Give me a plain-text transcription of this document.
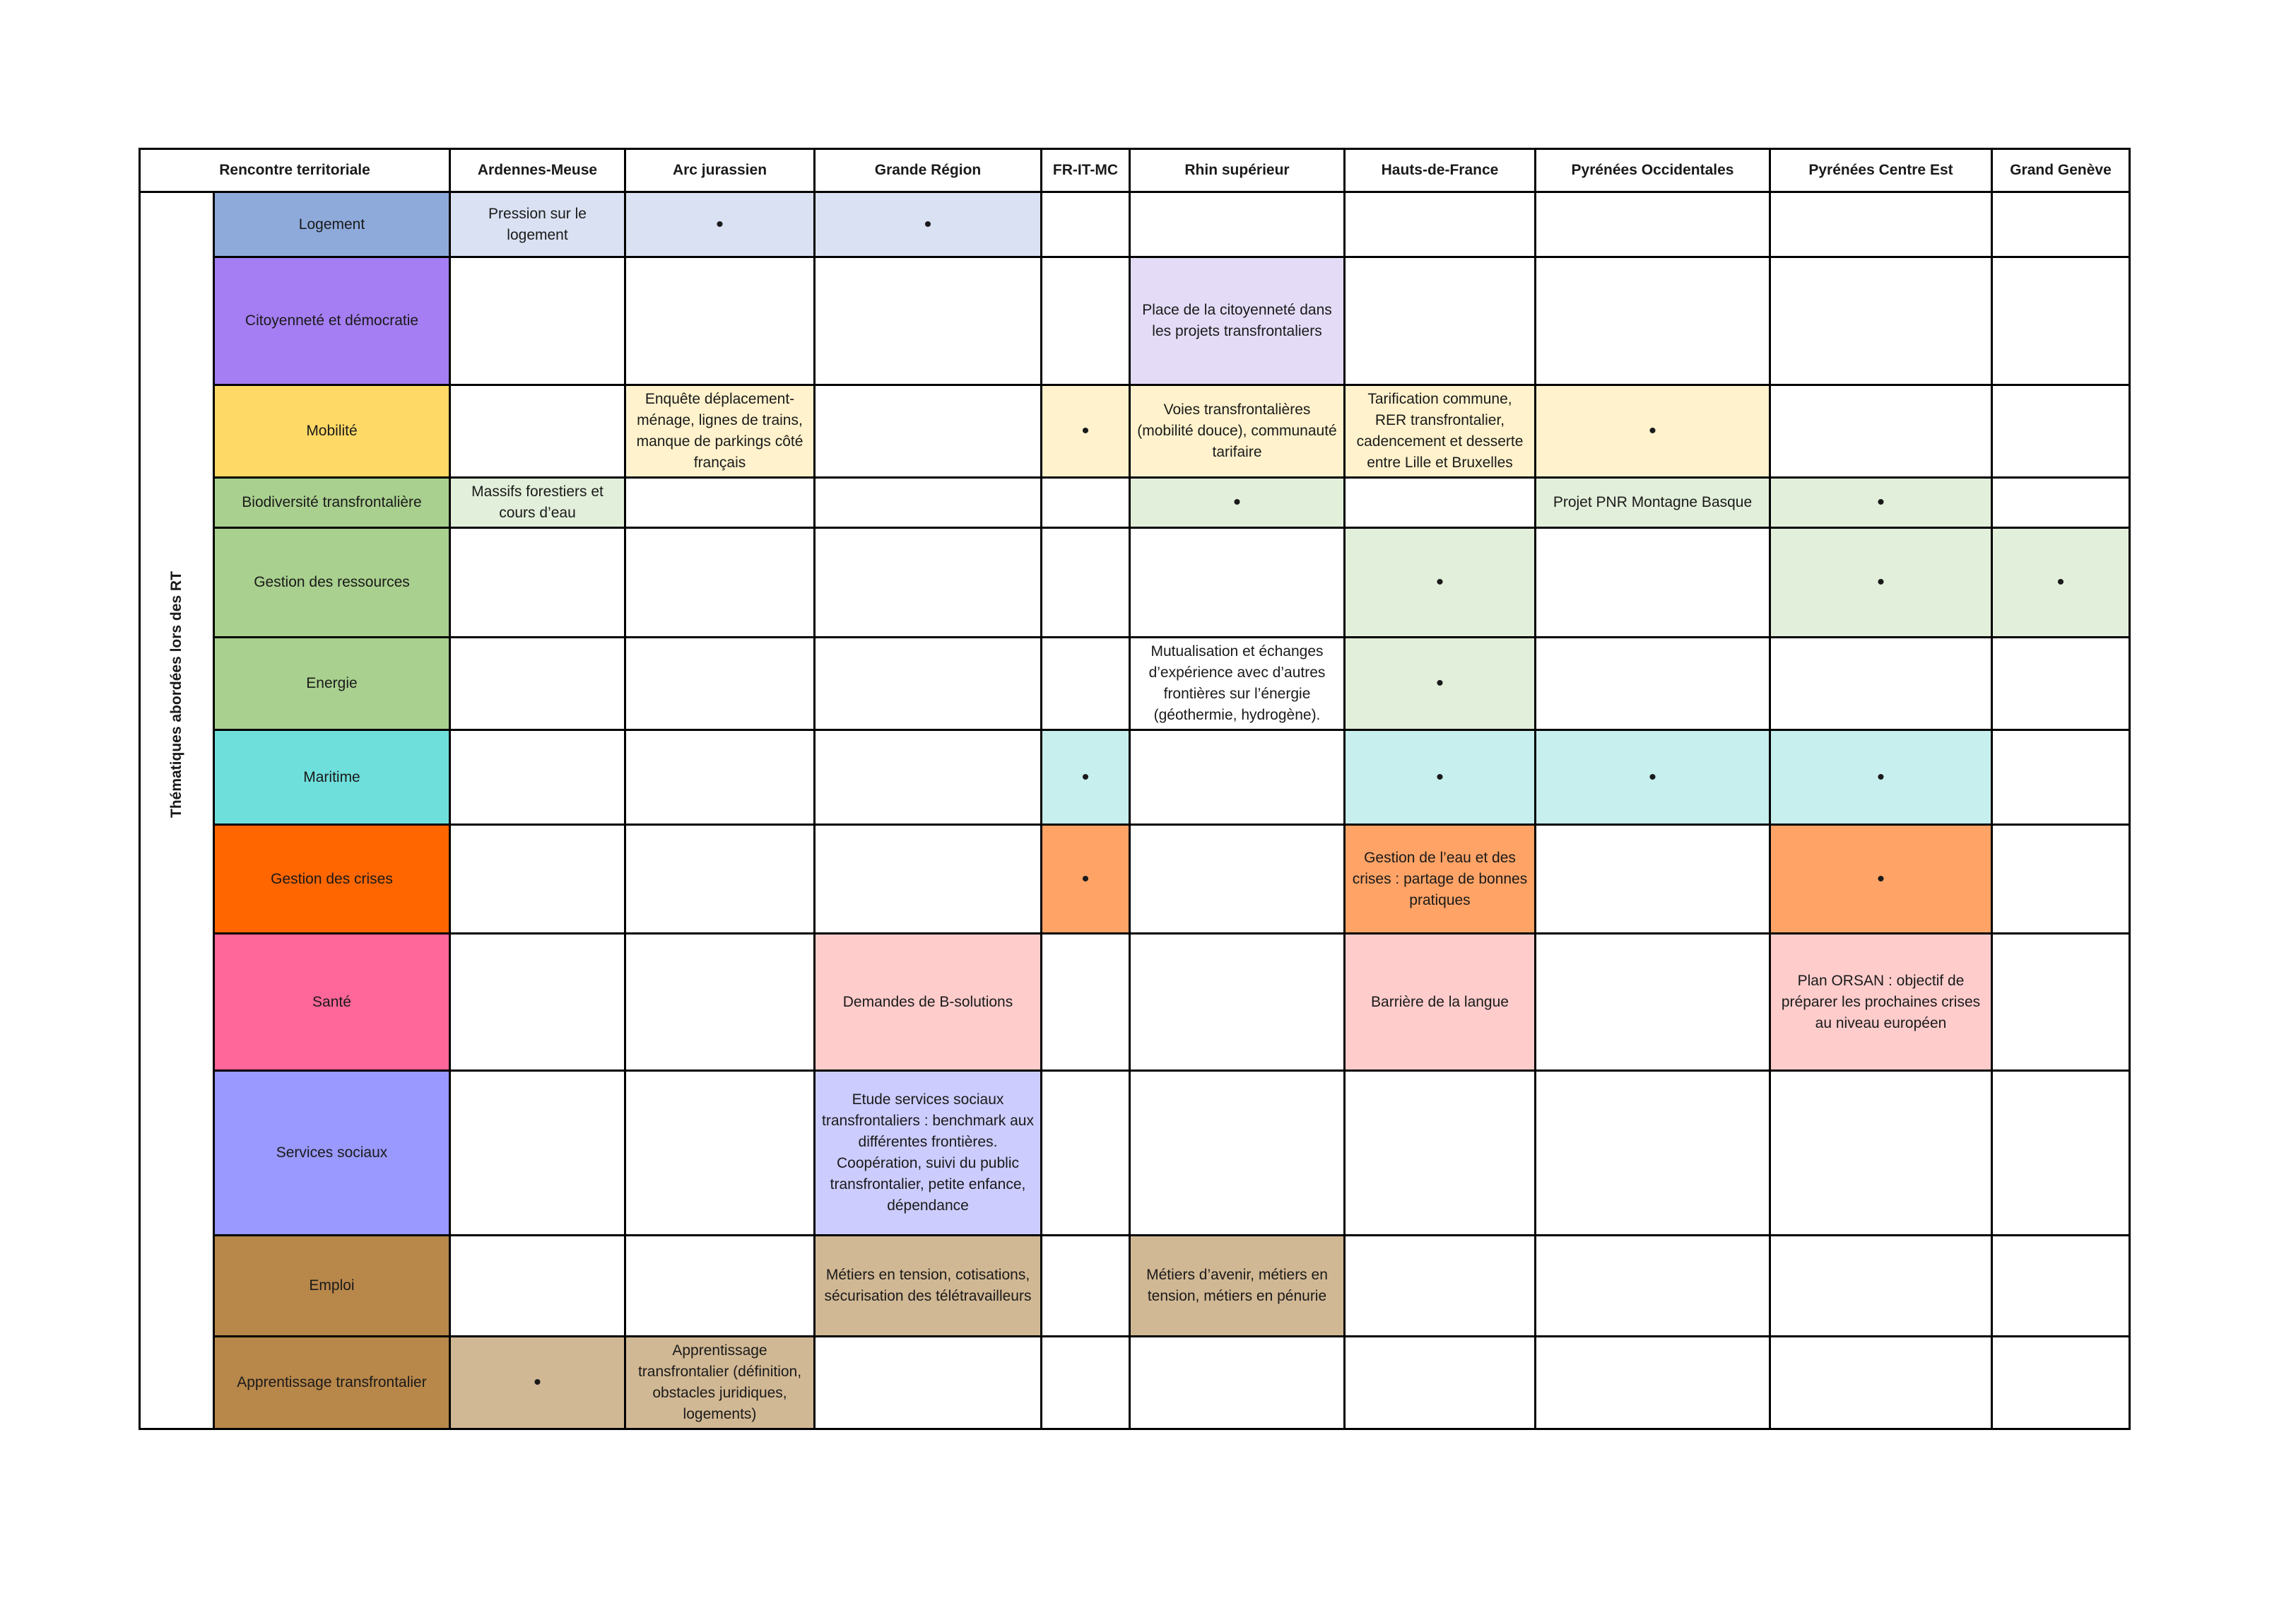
Rencontre territoriale		Ardennes-Meuse	Arc jurassien	Grande Région	FR-IT-MC	Rhin supérieur	Hauts-de-France	Pyrénées Occidentales	Pyrénées Centre Est	Grand Genève

Thématiques abordées lors des RT	Logement	Pression sur le logement	•	•						
	Citoyenneté et démocratie					Place de la citoyenneté dans les projets transfrontaliers				
	Mobilité		Enquête déplacement-ménage, lignes de trains, manque de parkings côté français		•	Voies transfrontalières (mobilité douce), communauté tarifaire	Tarification commune, RER transfrontalier, cadencement et desserte entre Lille et Bruxelles	•		
	Biodiversité transfrontalière	Massifs forestiers et cours d’eau				•		Projet PNR Montagne Basque	•	
	Gestion des ressources						•		•	•
	Energie					Mutualisation et échanges d’expérience avec d’autres frontières sur l’énergie (géothermie, hydrogène).	•			
	Maritime				•		•	•	•	
	Gestion des crises				•		Gestion de l’eau et des crises : partage de bonnes pratiques		•	
	Santé			Demandes de B-solutions			Barrière de la langue		Plan ORSAN : objectif de préparer les prochaines crises au niveau européen	
	Services sociaux			Etude services sociaux transfrontaliers : benchmark aux différentes frontières. Coopération, suivi du public transfrontalier, petite enfance, dépendance						
	Emploi			Métiers en tension, cotisations, sécurisation des télétravailleurs		Métiers d’avenir, métiers en tension, métiers en pénurie				
	Apprentissage transfrontalier	•	Apprentissage transfrontalier (définition, obstacles juridiques, logements)							
